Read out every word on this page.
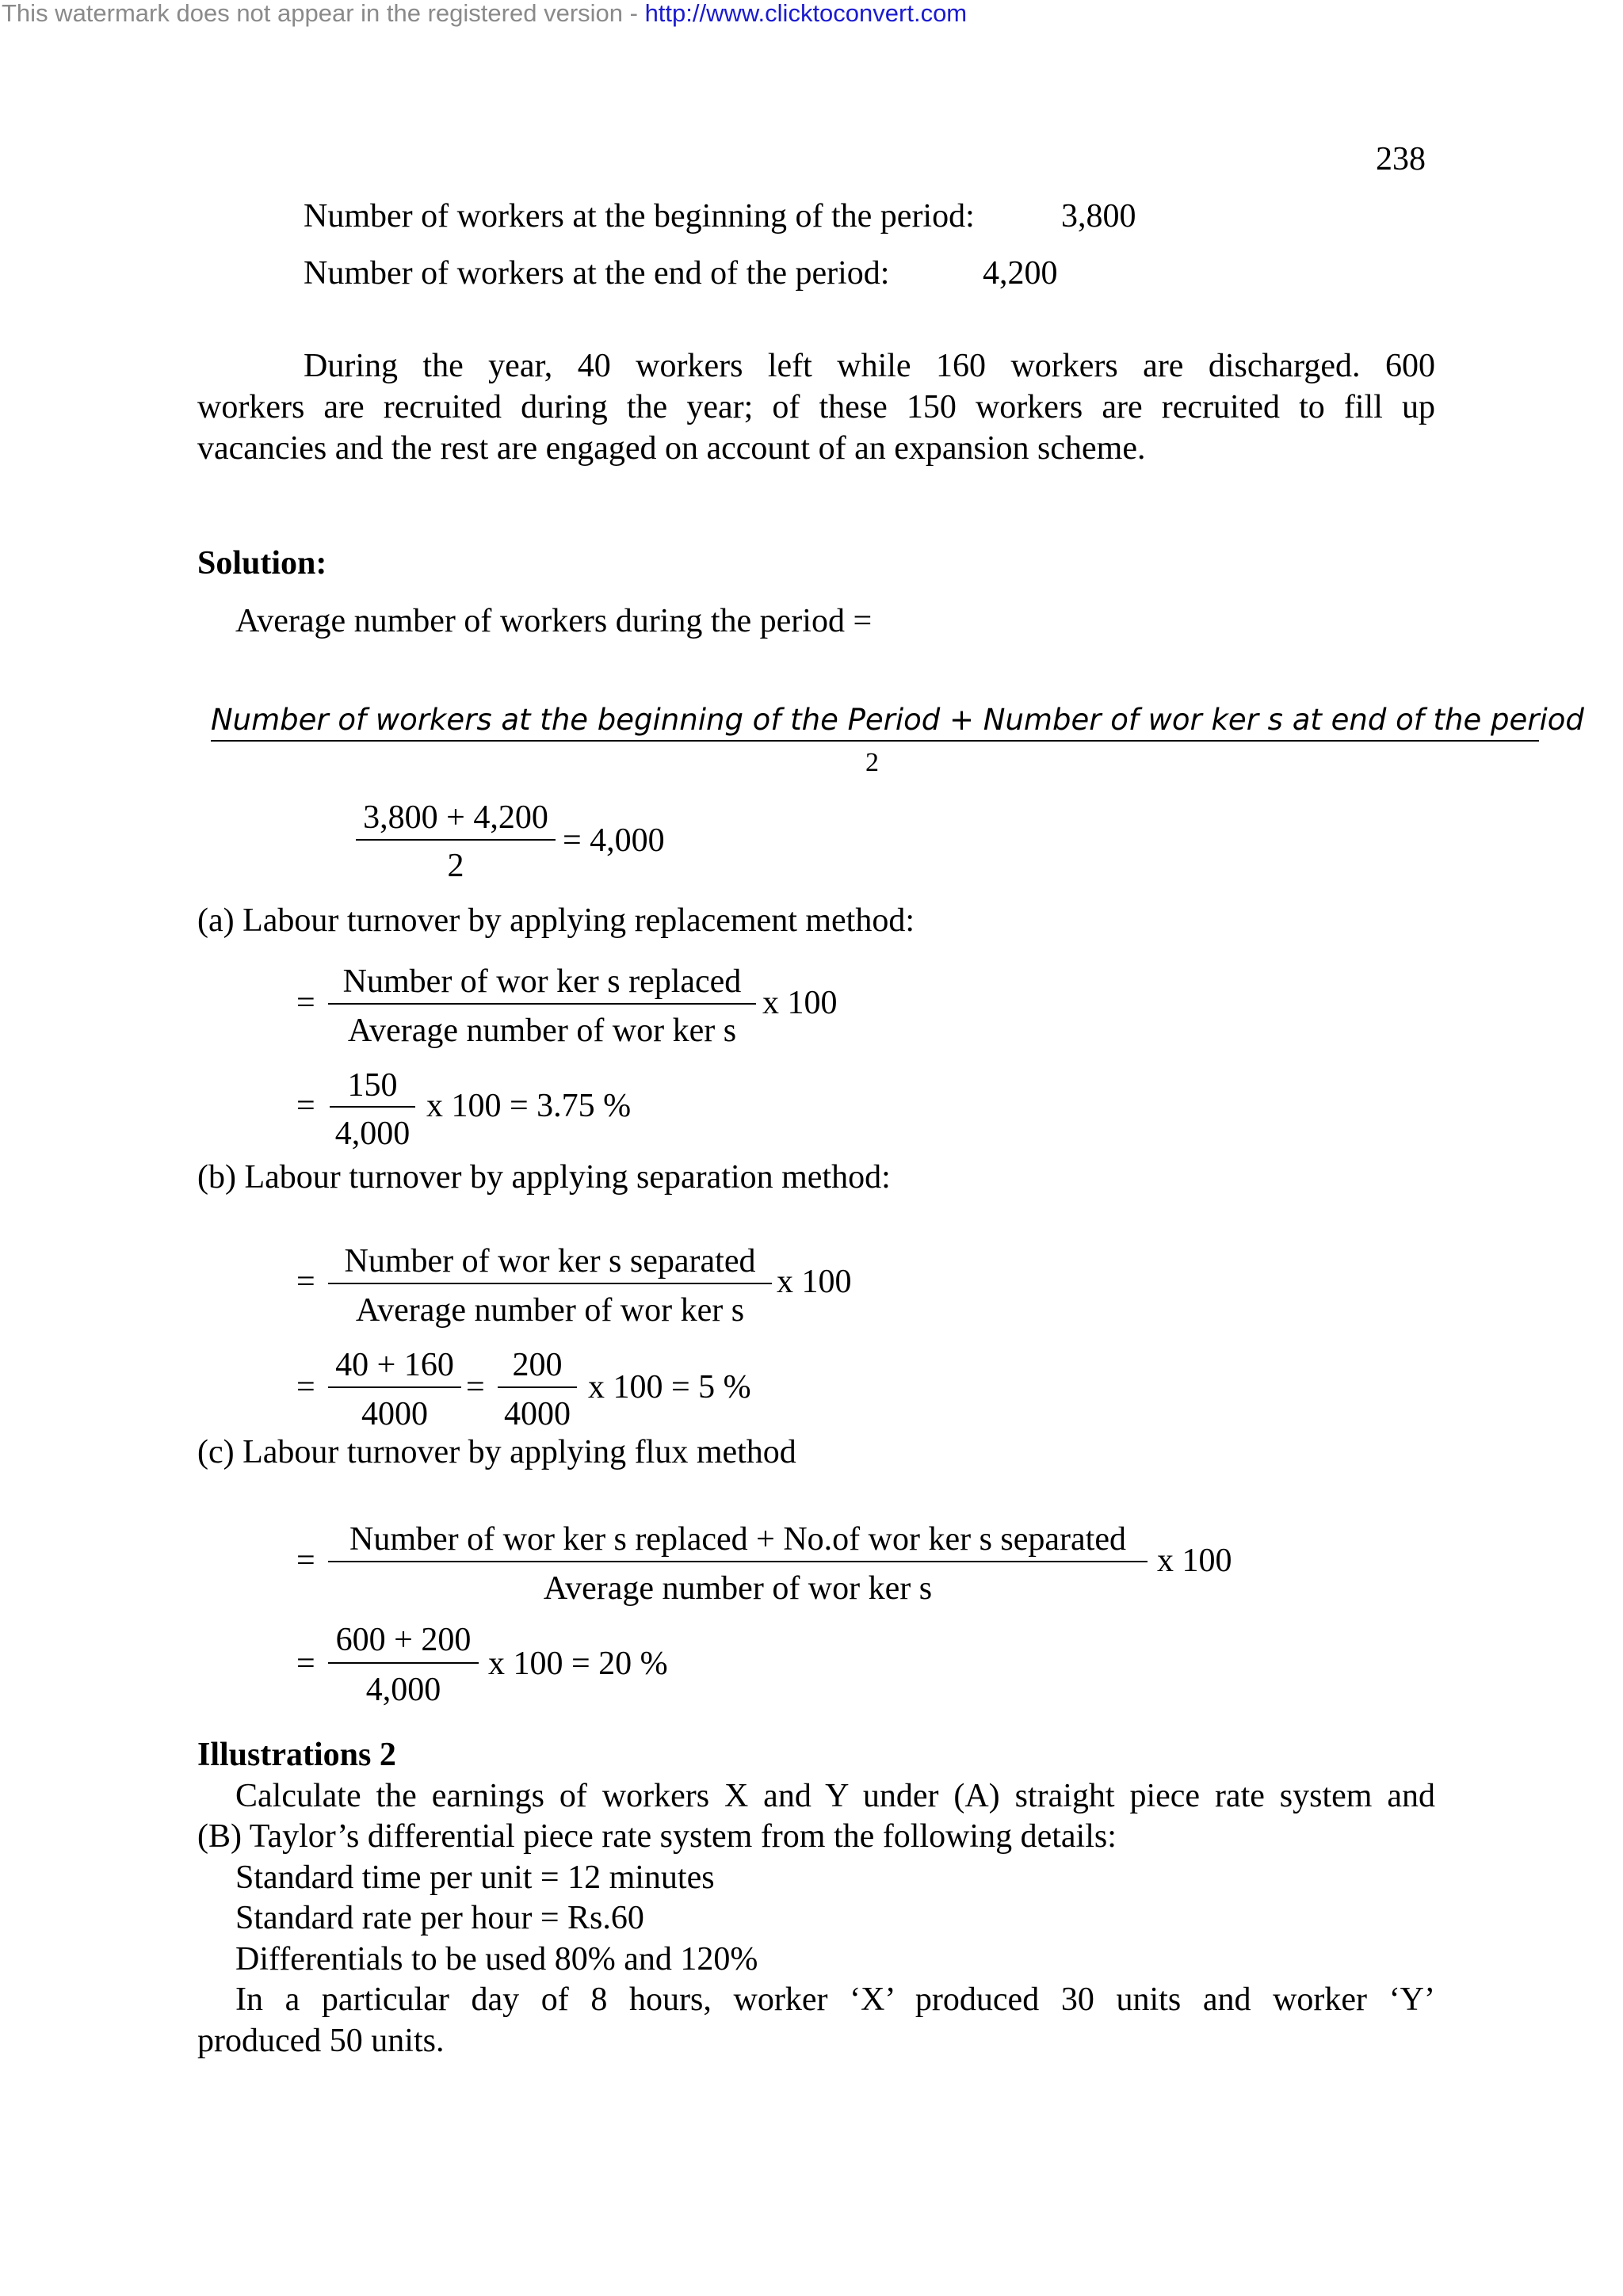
This watermark does not appear in the registered version - http://www.clicktoconvert.com
238
Number of workers at the beginning of the period:	3,800
Number of workers at the end of the period:	4,200
During the year, 40 workers left while 160 workers are discharged. 600
workers are recruited during the year; of these 150 workers are recruited to fill up
vacancies and the rest are engaged on account of an expansion scheme.
Solution:
Average number of workers during the period =
Number of workers at the beginning of the Period + Number of wor ker s at end of the period
2
3,800 + 4,200
2
= 4,000
(a) Labour turnover by applying replacement method:
=
Number of wor ker s replaced
Average number of wor ker s
x 100
=
150
4,000
x 100 = 3.75 %
(b) Labour turnover by applying separation method:
=
Number of wor ker s separated
Average number of wor ker s
x 100
=
40 + 160
4000
=
200
4000
x 100 = 5 %
(c) Labour turnover by applying flux method
=
Number of wor ker s replaced + No.of wor ker s separated
Average number of wor ker s
x 100
=
600 + 200
4,000
x 100 = 20 %
Illustrations 2
Calculate the earnings of workers X and Y under (A) straight piece rate system and
(B) Taylor’s differential piece rate system from the following details:
Standard time per unit = 12 minutes
Standard rate per hour = Rs.60
Differentials to be used 80% and 120%
In a particular day of 8 hours, worker ‘X’ produced 30 units and worker ‘Y’
produced 50 units.
